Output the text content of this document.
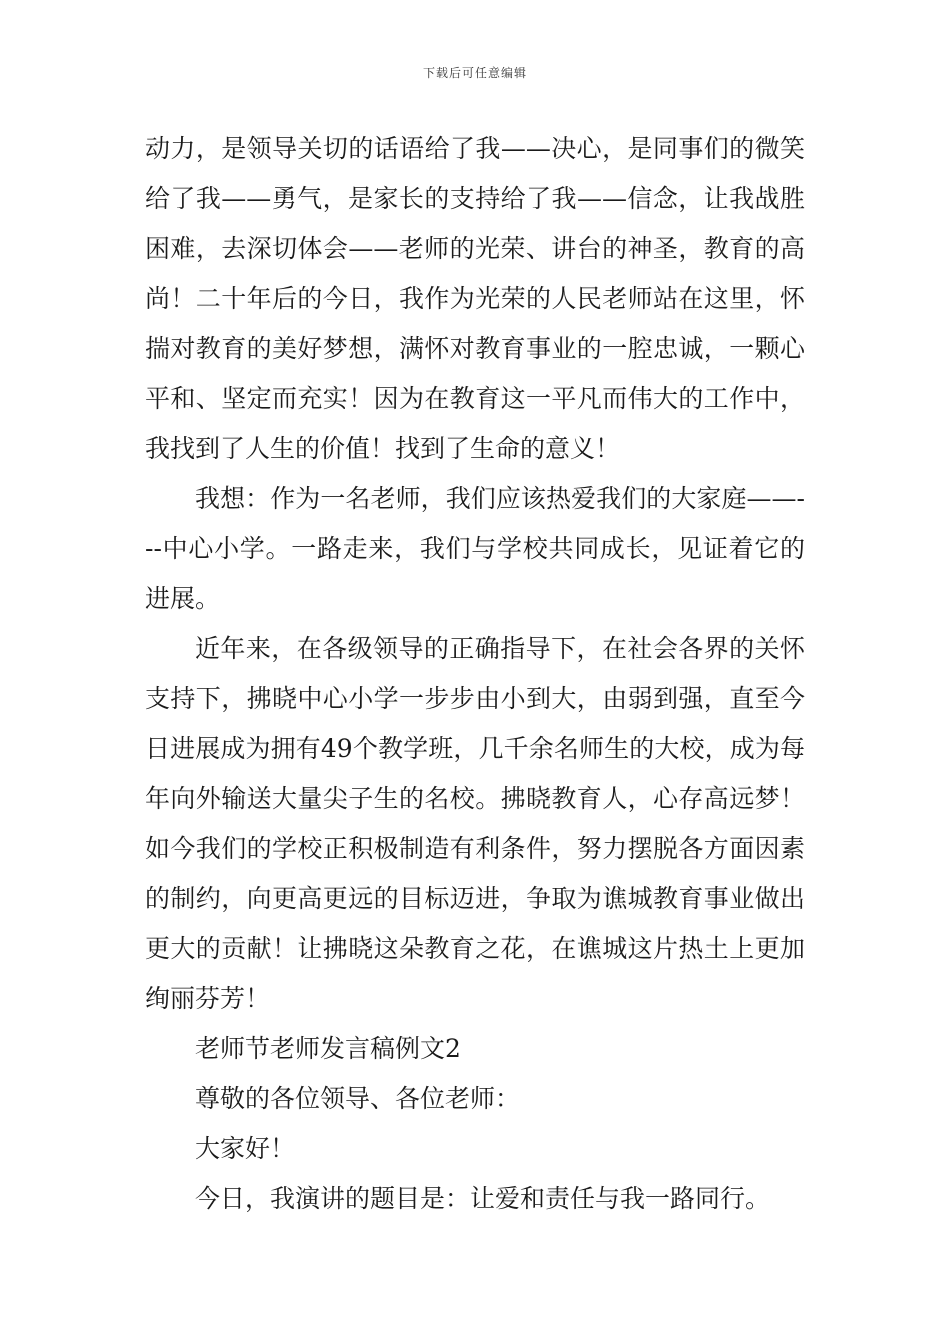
下载后可任意编辑

动力，是领导关切的话语给了我——决心，是同事们的微笑给了我——勇气，是家长的支持给了我——信念，让我战胜困难，去深切体会——老师的光荣、讲台的神圣，教育的高尚！二十年后的今日，我作为光荣的人民老师站在这里，怀揣对教育的美好梦想，满怀对教育事业的一腔忠诚，一颗心平和、坚定而充实！因为在教育这一平凡而伟大的工作中，我找到了人生的价值！找到了生命的意义！

我想：作为一名老师，我们应该热爱我们的大家庭——---中心小学。一路走来，我们与学校共同成长，见证着它的进展。

近年来，在各级领导的正确指导下，在社会各界的关怀支持下，拂晓中心小学一步步由小到大，由弱到强，直至今日进展成为拥有49个教学班，几千余名师生的大校，成为每年向外输送大量尖子生的名校。拂晓教育人，心存高远梦！如今我们的学校正积极制造有利条件，努力摆脱各方面因素的制约，向更高更远的目标迈进，争取为谯城教育事业做出更大的贡献！让拂晓这朵教育之花，在谯城这片热土上更加绚丽芬芳！

老师节老师发言稿例文2

尊敬的各位领导、各位老师：

大家好！

今日，我演讲的题目是：让爱和责任与我一路同行。
